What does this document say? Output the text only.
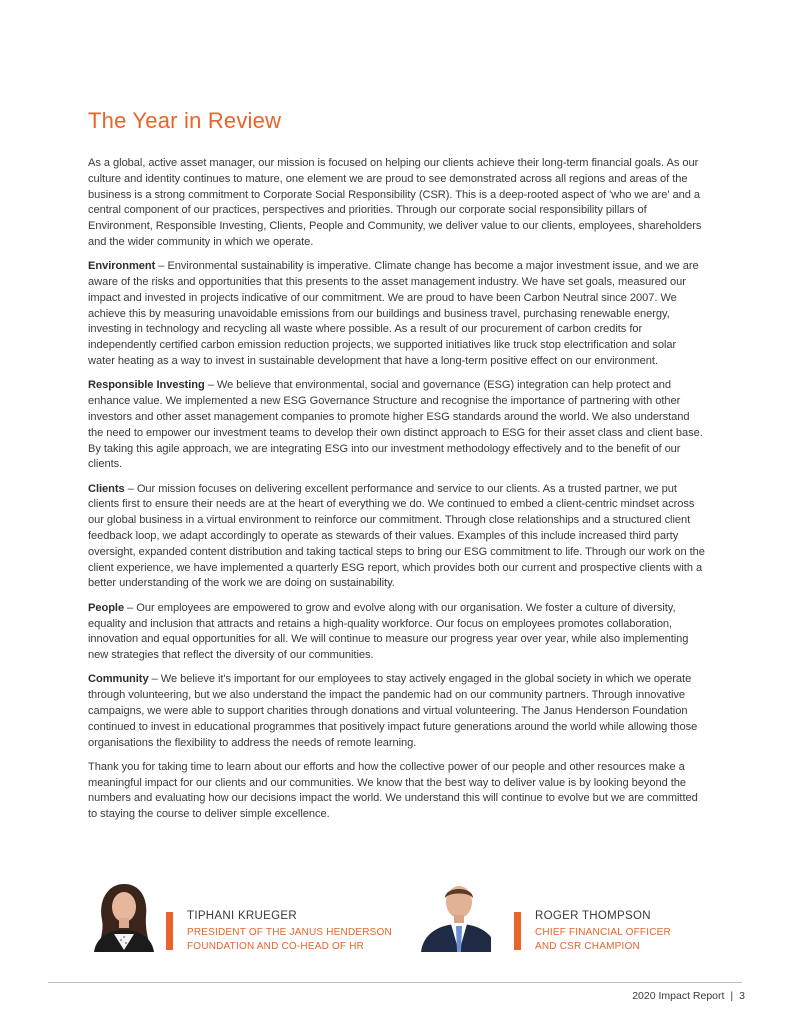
The Year in Review

As a global, active asset manager, our mission is focused on helping our clients achieve their long-term financial goals. As our culture and identity continues to mature, one element we are proud to see demonstrated across all regions and areas of the business is a strong commitment to Corporate Social Responsibility (CSR). This is a deep-rooted aspect of 'who we are' and a central component of our practices, perspectives and priorities. Through our corporate social responsibility pillars of Environment, Responsible Investing, Clients, People and Community, we deliver value to our clients, employees, shareholders and the wider community in which we operate.

Environment – Environmental sustainability is imperative. Climate change has become a major investment issue, and we are aware of the risks and opportunities that this presents to the asset management industry. We have set goals, measured our impact and invested in projects indicative of our commitment. We are proud to have been Carbon Neutral since 2007. We achieve this by measuring unavoidable emissions from our buildings and business travel, purchasing renewable energy, investing in technology and recycling all waste where possible. As a result of our procurement of carbon credits for independently certified carbon emission reduction projects, we supported initiatives like truck stop electrification and solar water heating as a way to invest in sustainable development that have a long-term positive effect on our environment.

Responsible Investing – We believe that environmental, social and governance (ESG) integration can help protect and enhance value. We implemented a new ESG Governance Structure and recognise the importance of partnering with other investors and other asset management companies to promote higher ESG standards around the world. We also understand the need to empower our investment teams to develop their own distinct approach to ESG for their asset class and client base. By taking this agile approach, we are integrating ESG into our investment methodology effectively and to the benefit of our clients.

Clients – Our mission focuses on delivering excellent performance and service to our clients. As a trusted partner, we put clients first to ensure their needs are at the heart of everything we do. We continued to embed a client-centric mindset across our global business in a virtual environment to reinforce our commitment. Through close relationships and a structured client feedback loop, we adapt accordingly to operate as stewards of their values. Examples of this include increased third party oversight, expanded content distribution and taking tactical steps to bring our ESG commitment to life. Through our work on the client experience, we have implemented a quarterly ESG report, which provides both our current and prospective clients with a better understanding of the work we are doing on sustainability.

People – Our employees are empowered to grow and evolve along with our organisation. We foster a culture of diversity, equality and inclusion that attracts and retains a high-quality workforce. Our focus on employees promotes collaboration, innovation and equal opportunities for all. We will continue to measure our progress year over year, while also implementing new strategies that reflect the diversity of our communities.

Community – We believe it's important for our employees to stay actively engaged in the global society in which we operate through volunteering, but we also understand the impact the pandemic had on our community partners. Through innovative campaigns, we were able to support charities through donations and virtual volunteering. The Janus Henderson Foundation continued to invest in educational programmes that positively impact future generations around the world while allowing those organisations the flexibility to address the needs of remote learning.

Thank you for taking time to learn about our efforts and how the collective power of our people and other resources make a meaningful impact for our clients and our communities. We know that the best way to deliver value is by looking beyond the numbers and evaluating how our decisions impact the world. We understand this will continue to evolve but we are committed to staying the course to deliver simple excellence.

TIPHANI KRUEGER
PRESIDENT OF THE JANUS HENDERSON
FOUNDATION AND CO-HEAD OF HR
ROGER THOMPSON
CHIEF FINANCIAL OFFICER
AND CSR CHAMPION
2020 Impact Report | 3
